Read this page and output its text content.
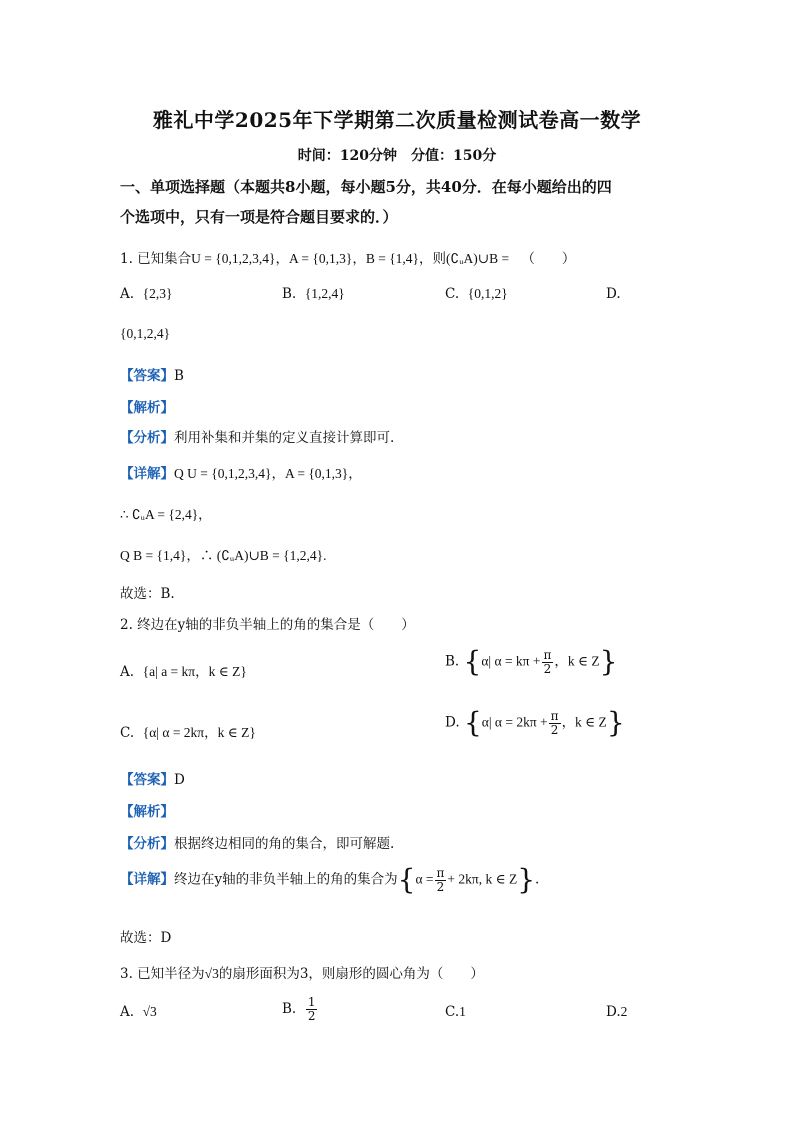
雅礼中学2025年下学期第二次质量检测试卷高一数学
时间：120分钟　分值：150分
一、单项选择题（本题共8小题，每小题5分，共40分．在每小题给出的四
个选项中，只有一项是符合题目要求的．）
1. 已知集合U = {0,1,2,3,4}，A = {0,1,3}，B = {1,4}，则(∁ᵤA)∪B = （　　）
A. {2,3}	B. {1,2,4}	C. {0,1,2}	D.
{0,1,2,4}
【答案】B
【解析】
【分析】利用补集和并集的定义直接计算即可.
【详解】Q U = {0,1,2,3,4}，A = {0,1,3}，
∴ ∁ᵤA = {2,4}，
Q B = {1,4}，∴ (∁ᵤA)∪B = {1,2,4}.
故选：B.
2. 终边在y轴的非负半轴上的角的集合是（　　）
A. {a| a = kπ，k ∈ Z}
B. {α| $\alpha = k\pi + \frac{\pi}{2}$ ，k ∈ Z}
C. {α| α = 2kπ，k ∈ Z}
D. {α| $\alpha = 2k\pi + \frac{\pi}{2}$ ，k ∈ Z}
【答案】D
【解析】
【分析】根据终边相同的角的集合，即可解题.
【详解】终边在y轴的非负半轴上的角的集合为{$\alpha = \frac{\pi}{2} + 2k\pi$, k ∈ Z}.
故选：D
3. 已知半径为√3的扇形面积为3，则扇形的圆心角为（　　）
A. √3	B. $\frac{1}{2}$	C.1	D.2
